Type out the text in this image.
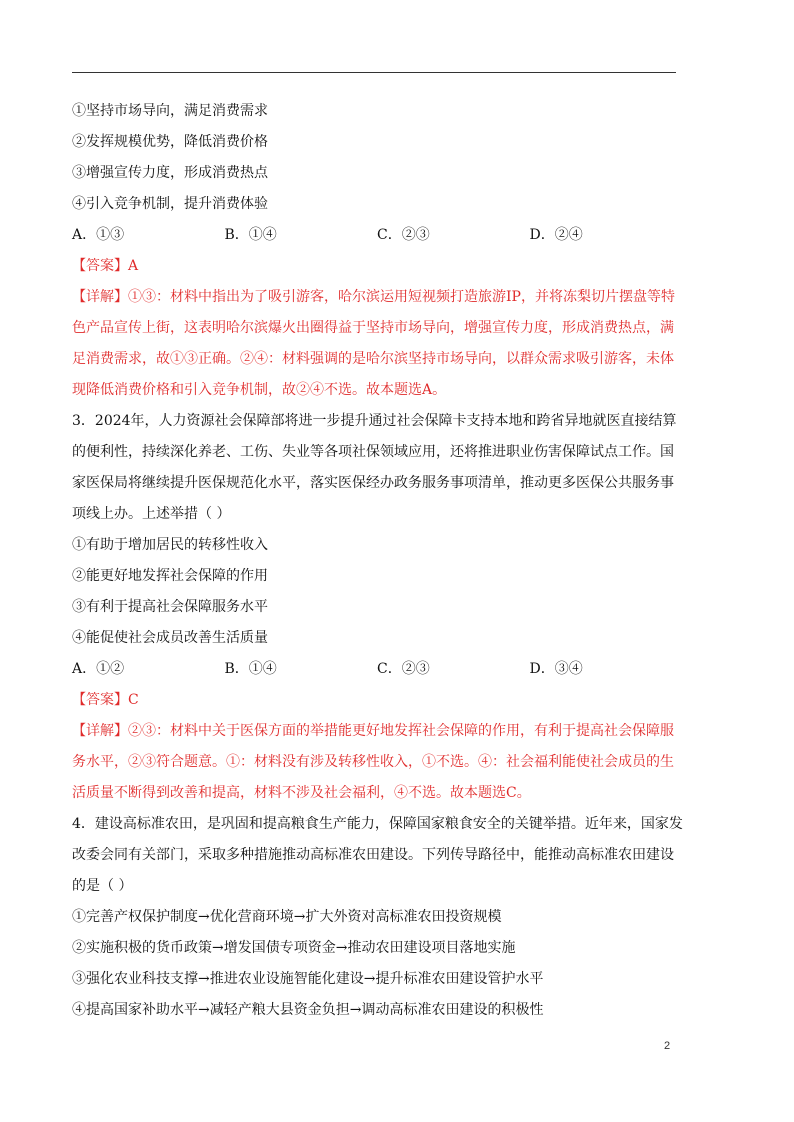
①坚持市场导向，满足消费需求
②发挥规模优势，降低消费价格
③增强宣传力度，形成消费热点
④引入竞争机制，提升消费体验
A．①③	B．①④	C．②③	D．②④
【答案】A
【详解】①③：材料中指出为了吸引游客，哈尔滨运用短视频打造旅游IP，并将冻梨切片摆盘等特
色产品宣传上街，这表明哈尔滨爆火出圈得益于坚持市场导向，增强宣传力度，形成消费热点，满
足消费需求，故①③正确。②④：材料强调的是哈尔滨坚持市场导向，以群众需求吸引游客，未体
现降低消费价格和引入竞争机制，故②④不选。故本题选A。
3．2024年，人力资源社会保障部将进一步提升通过社会保障卡支持本地和跨省异地就医直接结算
的便利性，持续深化养老、工伤、失业等各项社保领域应用，还将推进职业伤害保障试点工作。国
家医保局将继续提升医保规范化水平，落实医保经办政务服务事项清单，推动更多医保公共服务事
项线上办。上述举措（ ）
①有助于增加居民的转移性收入
②能更好地发挥社会保障的作用
③有利于提高社会保障服务水平
④能促使社会成员改善生活质量
A．①②	B．①④	C．②③	D．③④
【答案】C
【详解】②③：材料中关于医保方面的举措能更好地发挥社会保障的作用，有利于提高社会保障服
务水平，②③符合题意。①：材料没有涉及转移性收入，①不选。④：社会福利能使社会成员的生
活质量不断得到改善和提高，材料不涉及社会福利，④不选。故本题选C。
4．建设高标准农田，是巩固和提高粮食生产能力，保障国家粮食安全的关键举措。近年来，国家发
改委会同有关部门，采取多种措施推动高标准农田建设。下列传导路径中，能推动高标准农田建设
的是（ ）
①完善产权保护制度→优化营商环境→扩大外资对高标准农田投资规模
②实施积极的货币政策→增发国债专项资金→推动农田建设项目落地实施
③强化农业科技支撑→推进农业设施智能化建设→提升标准农田建设管护水平
④提高国家补助水平→减轻产粮大县资金负担→调动高标准农田建设的积极性
2
